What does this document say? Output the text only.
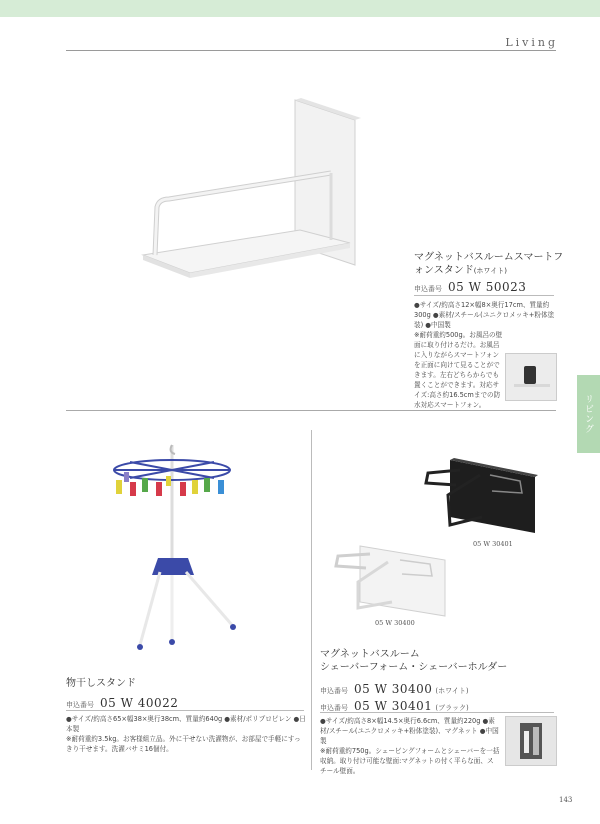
Living
リビング
マグネットバスルームスマートフォンスタンド(ホワイト)
申込番号 05 W 50023

●サイズ/約高さ12×幅8×奥行17cm、質量約300g ●素材/スチール(ユニクロメッキ+粉体塗装) ●中国製

※耐荷重約500g。お風呂の壁面に取り付けるだけ。お風呂に入りながらスマートフォンを正面に向けて見ることができます。左右どちらからでも置くことができます。対応サイズ:高さ約16.5cmまでの防水対応スマートフォン。

物干しスタンド
申込番号 05 W 40022

●サイズ/約高さ65×幅38×奥行38cm、質量約640g ●素材/ポリプロピレン ●日本製

※耐荷重約3.5kg。お客様組立品。外に干せない洗濯物が、お部屋で手軽にすっきり干せます。洗濯バサミ16個付。

05 W 30401
05 W 30400
マグネットバスルーム
シェーバーフォーム・シェーバーホルダー
申込番号 05 W 30400 (ホワイト)
申込番号 05 W 30401 (ブラック)

●サイズ/約高さ8×幅14.5×奥行6.6cm、質量約220g ●素材/スチール(ユニクロメッキ+粉体塗装)、マグネット ●中国製

※耐荷重約750g。シェービングフォームとシェーバーを一括収納。取り付け可能な壁面:マグネットの付く平らな面、スチール壁面。

143
